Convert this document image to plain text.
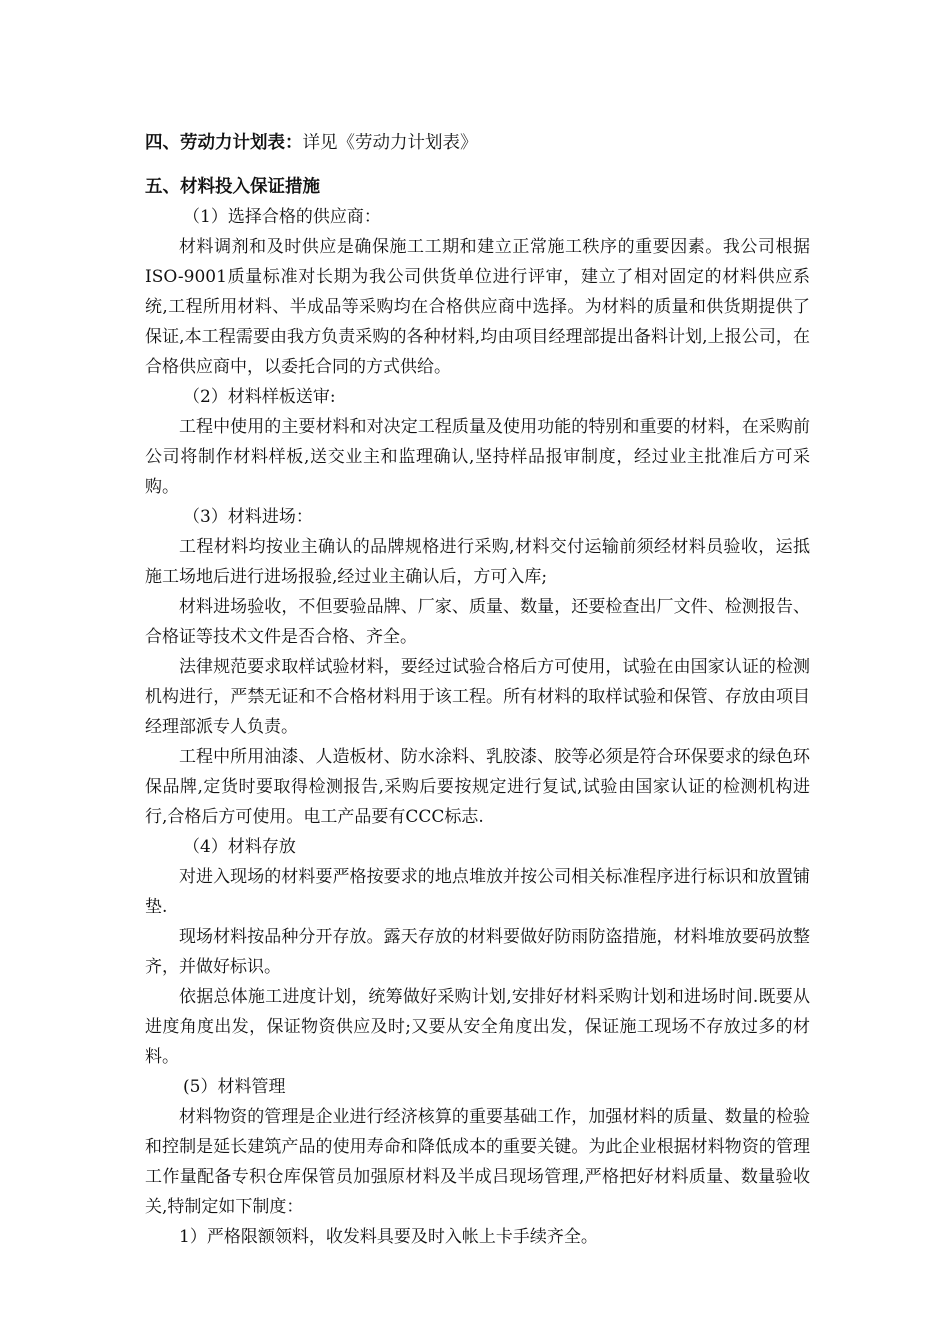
四、劳动力计划表：详见《劳动力计划表》

五、材料投入保证措施

（1）选择合格的供应商：

材料调剂和及时供应是确保施工工期和建立正常施工秩序的重要因素。我公司根据ISO-9001质量标准对长期为我公司供货单位进行评审，建立了相对固定的材料供应系统,工程所用材料、半成品等采购均在合格供应商中选择。为材料的质量和供货期提供了保证,本工程需要由我方负责采购的各种材料,均由项目经理部提出备料计划,上报公司，在合格供应商中，以委托合同的方式供给。

（2）材料样板送审:

工程中使用的主要材料和对决定工程质量及使用功能的特别和重要的材料，在采购前公司将制作材料样板,送交业主和监理确认,坚持样品报审制度，经过业主批准后方可采购。

（3）材料进场：

工程材料均按业主确认的品牌规格进行采购,材料交付运输前须经材料员验收，运抵施工场地后进行进场报验,经过业主确认后，方可入库;

材料进场验收，不但要验品牌、厂家、质量、数量，还要检查出厂文件、检测报告、合格证等技术文件是否合格、齐全。

法律规范要求取样试验材料，要经过试验合格后方可使用，试验在由国家认证的检测机构进行，严禁无证和不合格材料用于该工程。所有材料的取样试验和保管、存放由项目经理部派专人负责。

工程中所用油漆、人造板材、防水涂料、乳胶漆、胶等必须是符合环保要求的绿色环保品牌,定货时要取得检测报告,采购后要按规定进行复试,试验由国家认证的检测机构进行,合格后方可使用。电工产品要有CCC标志.

（4）材料存放

对进入现场的材料要严格按要求的地点堆放并按公司相关标准程序进行标识和放置铺垫.

现场材料按品种分开存放。露天存放的材料要做好防雨防盗措施，材料堆放要码放整齐，并做好标识。

依据总体施工进度计划，统筹做好采购计划,安排好材料采购计划和进场时间.既要从进度角度出发，保证物资供应及时;又要从安全角度出发，保证施工现场不存放过多的材料。

(5）材料管理

材料物资的管理是企业进行经济核算的重要基础工作，加强材料的质量、数量的检验和控制是延长建筑产品的使用寿命和降低成本的重要关键。为此企业根据材料物资的管理工作量配备专积仓库保管员加强原材料及半成吕现场管理,严格把好材料质量、数量验收关,特制定如下制度：

1）严格限额领料，收发料具要及时入帐上卡手续齐全。
